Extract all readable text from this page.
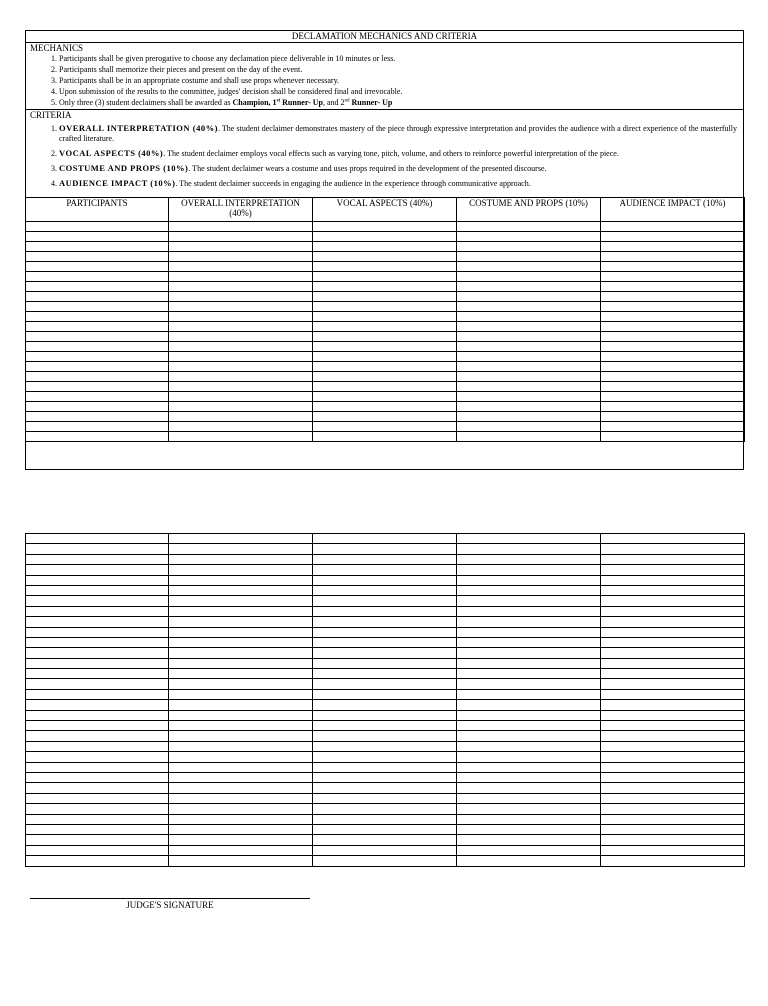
DECLAMATION MECHANICS AND CRITERIA
MECHANICS
1. Participants shall be given prerogative to choose any declamation piece deliverable in 10 minutes or less.
2. Participants shall memorize their pieces and present on the day of the event.
3. Participants shall be in an appropriate costume and shall use props whenever necessary.
4. Upon submission of the results to the committee, judges' decision shall be considered final and irrevocable.
5. Only three (3) student declaimers shall be awarded as Champion, 1st Runner- Up, and 2nd Runner- Up
CRITERIA
1. OVERALL INTERPRETATION (40%). The student declaimer demonstrates mastery of the piece through expressive interpretation and provides the audience with a direct experience of the masterfully crafted literature.
2. VOCAL ASPECTS (40%). The student declaimer employs vocal effects such as varying tone, pitch, volume, and others to reinforce powerful interpretation of the piece.
3. COSTUME AND PROPS (10%). The student declaimer wears a costume and uses props required in the development of the presented discourse.
4. AUDIENCE IMPACT (10%). The student declaimer succeeds in engaging the audience in the experience through communicative approach.
PARTICIPANTS	OVERALL INTERPRETATION (40%)	VOCAL ASPECTS (40%)	COSTUME AND PROPS (10%)	AUDIENCE IMPACT (10%)

JUDGE'S SIGNATURE
